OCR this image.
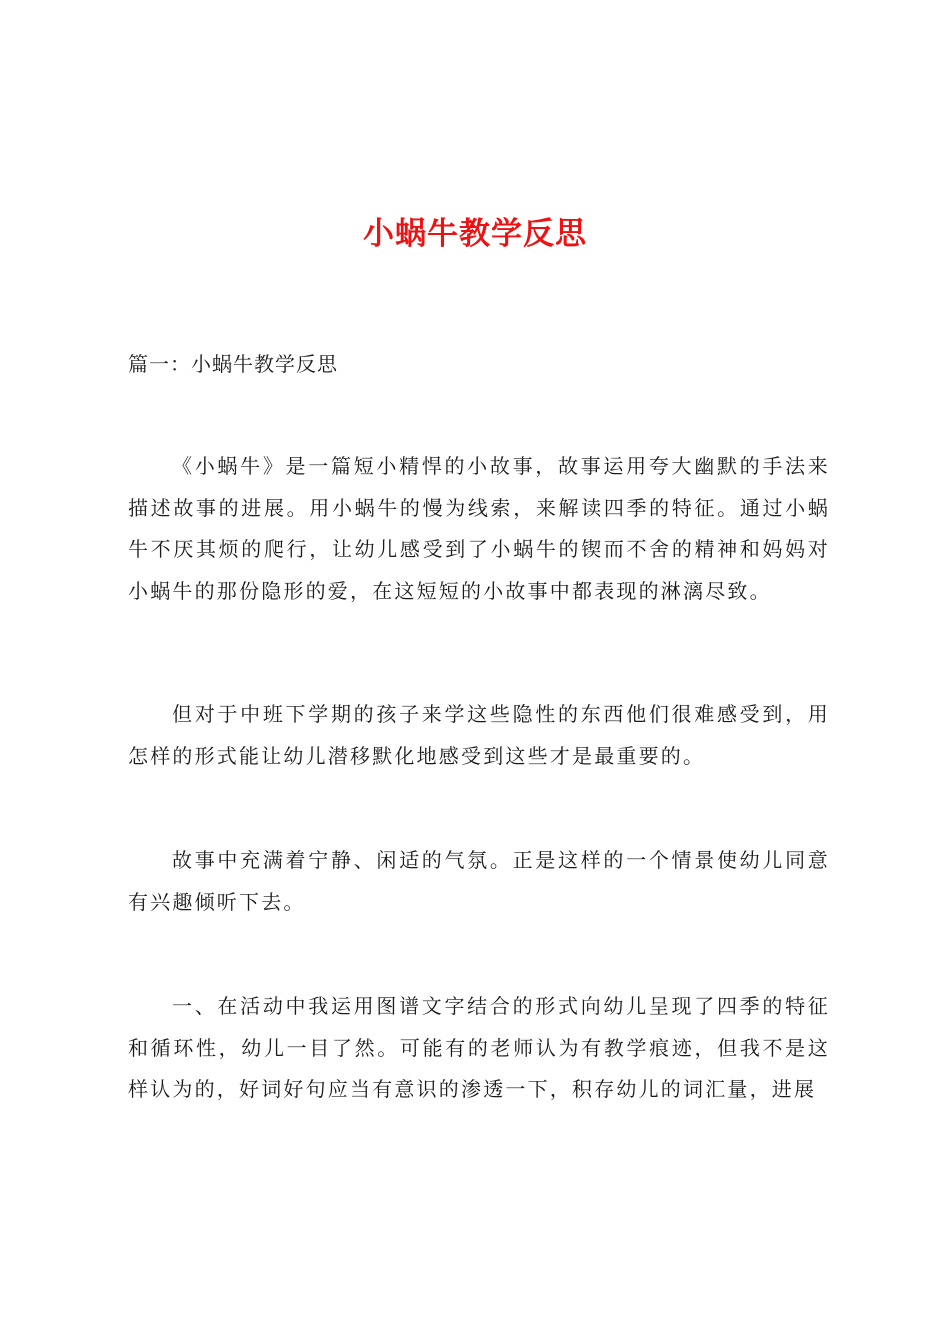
小蜗牛教学反思

篇一：小蜗牛教学反思

《小蜗牛》是一篇短小精悍的小故事，故事运用夸大幽默的手法来描述故事的进展。用小蜗牛的慢为线索，来解读四季的特征。通过小蜗牛不厌其烦的爬行，让幼儿感受到了小蜗牛的锲而不舍的精神和妈妈对小蜗牛的那份隐形的爱，在这短短的小故事中都表现的淋漓尽致。

但对于中班下学期的孩子来学这些隐性的东西他们很难感受到，用怎样的形式能让幼儿潜移默化地感受到这些才是最重要的。

故事中充满着宁静、闲适的气氛。正是这样的一个情景使幼儿同意有兴趣倾听下去。

一、在活动中我运用图谱文字结合的形式向幼儿呈现了四季的特征和循环性，幼儿一目了然。可能有的老师认为有教学痕迹，但我不是这样认为的，好词好句应当有意识的渗透一下，积存幼儿的词汇量，进展
